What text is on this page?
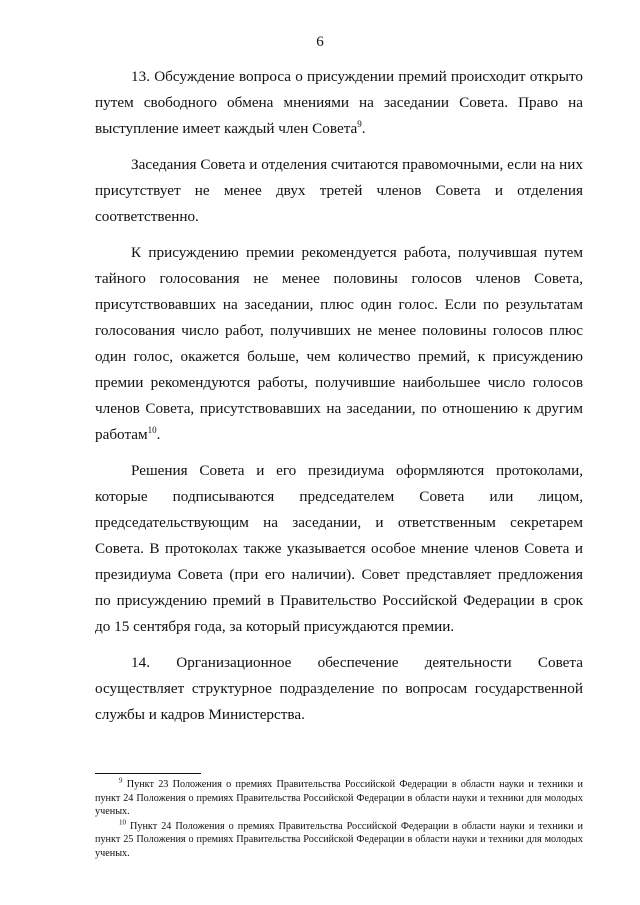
6

13. Обсуждение вопроса о присуждении премий происходит открыто путем свободного обмена мнениями на заседании Совета. Право на выступление имеет каждый член Совета$^9$.

Заседания Совета и отделения считаются правомочными, если на них присутствует не менее двух третей членов Совета и отделения соответственно.

К присуждению премии рекомендуется работа, получившая путем тайного голосования не менее половины голосов членов Совета, присутствовавших на заседании, плюс один голос. Если по результатам голосования число работ, получивших не менее половины голосов плюс один голос, окажется больше, чем количество премий, к присуждению премии рекомендуются работы, получившие наибольшее число голосов членов Совета, присутствовавших на заседании, по отношению к другим работам$^{10}$.

Решения Совета и его президиума оформляются протоколами, которые подписываются председателем Совета или лицом, председательствующим на заседании, и ответственным секретарем Совета. В протоколах также указывается особое мнение членов Совета и президиума Совета (при его наличии). Совет представляет предложения по присуждению премий в Правительство Российской Федерации в срок до 15 сентября года, за который присуждаются премии.

14. Организационное обеспечение деятельности Совета осуществляет структурное подразделение по вопросам государственной службы и кадров Министерства.

$^9$ Пункт 23 Положения о премиях Правительства Российской Федерации в области науки и техники и пункт 24 Положения о премиях Правительства Российской Федерации в области науки и техники для молодых ученых.

$^{10}$ Пункт 24 Положения о премиях Правительства Российской Федерации в области науки и техники и пункт 25 Положения о премиях Правительства Российской Федерации в области науки и техники для молодых ученых.
